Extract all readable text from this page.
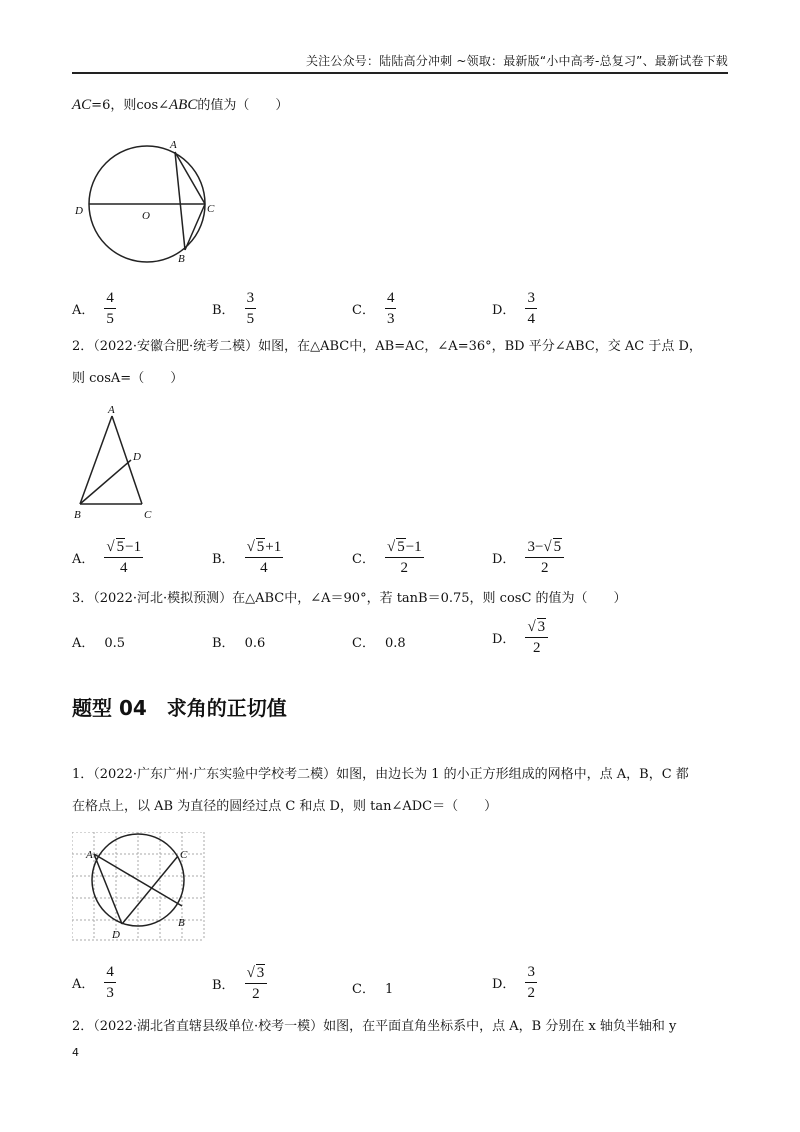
关注公众号：陆陆高分冲刺 ~领取：最新版“小中高考-总复习”、最新试卷下载
AC=6，则cos∠ABC的值为（　　）
A
O
C
D
B
A． $\frac{4}{5}$	B． $\frac{3}{5}$	C． $\frac{4}{3}$	D． $\frac{3}{4}$
2．（2022·安徽合肥·统考二模）如图，在△ABC中，AB=AC，∠A=36°，BD 平分∠ABC，交 AC 于点 D，
则 cosA=（　　）
A
D
B	C
A． $\frac{√ 5-1}{4}$	B． $\frac{√ 5+1}{4}$	C． $\frac{√ 5-1}{2}$	D． $\frac{3-√ 5}{2}$
3．（2022·河北·模拟预测）在△ABC中，∠A＝90°，若 tanB＝0.75，则 cosC 的值为（　　）
A． 0.5	B． 0.6	C． 0.8	D． $\frac{√ 3}{2}$
题型 04　求角的正切值
1．（2022·广东广州·广东实验中学校考二模）如图，由边长为 1 的小正方形组成的网格中，点 A，B，C 都
在格点上，以 AB 为直径的圆经过点 C 和点 D，则 tan∠ADC＝（　　）
A	C
B
D
A． $\frac{4}{3}$	B． $\frac{√ 3}{2}$	C． 1	D． $\frac{3}{2}$
2．（2022·湖北省直辖县级单位·校考一模）如图，在平面直角坐标系中，点 A，B 分别在 x 轴负半轴和 y
4
